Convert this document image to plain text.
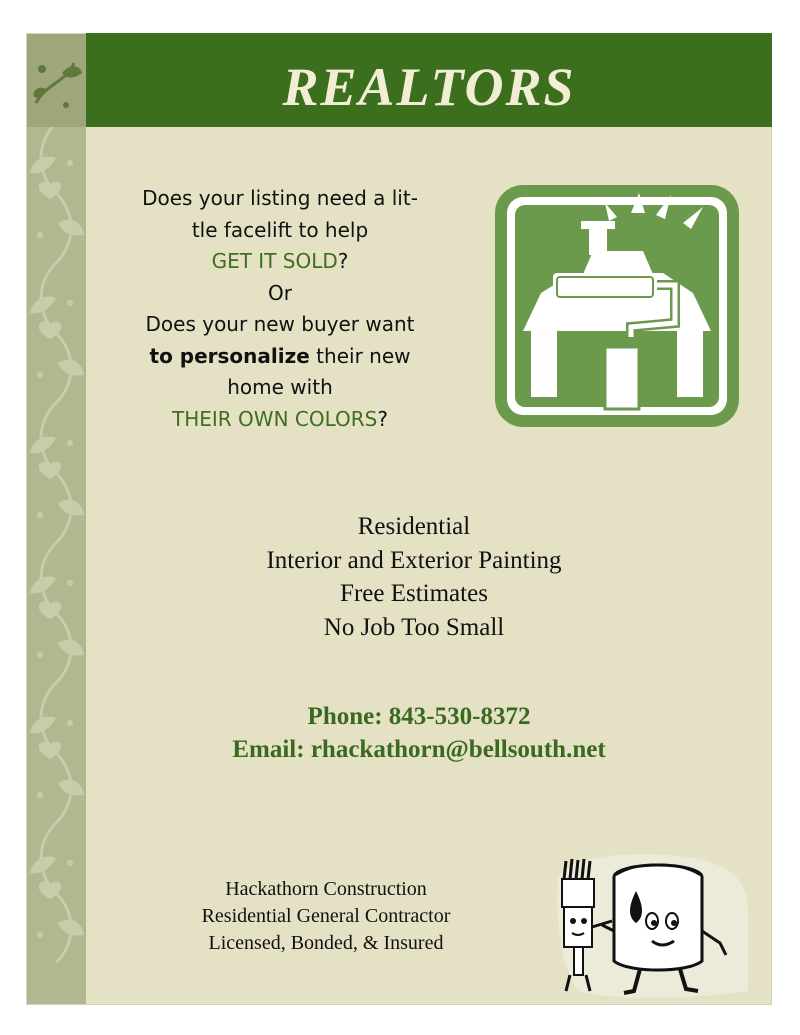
REALTORS
Does your listing need a lit-
tle facelift to help
GET IT SOLD?
Or
Does your new buyer want
to personalize their new
home with
THEIR OWN COLORS?
Residential
Interior and Exterior Painting
Free Estimates
No Job Too Small
Phone: 843-530-8372
Email: rhackathorn@bellsouth.net
Hackathorn Construction
Residential General Contractor
Licensed, Bonded, & Insured
